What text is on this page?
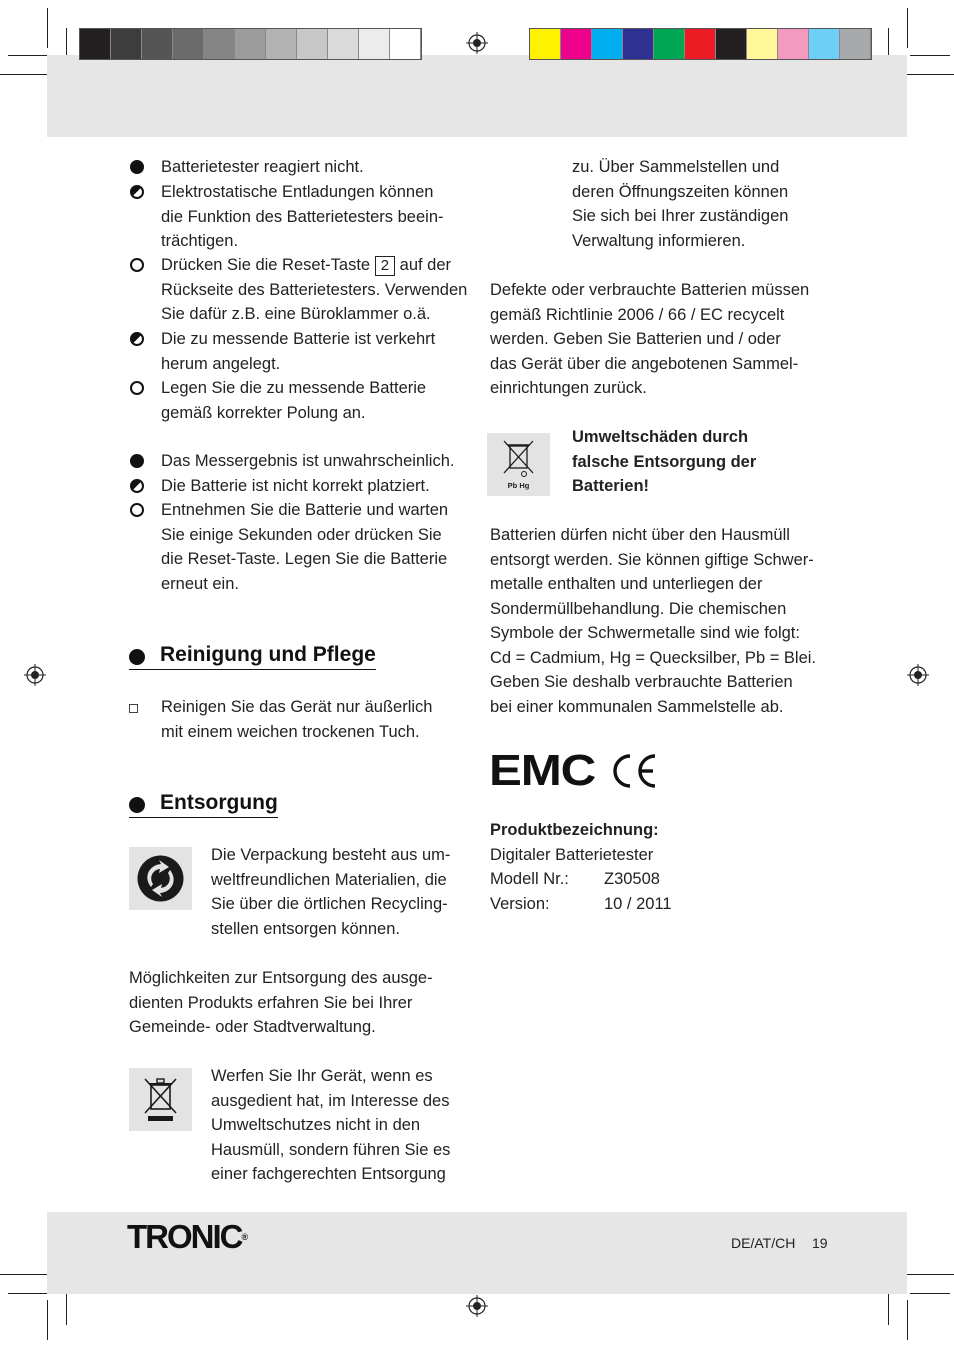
Batterietester reagiert nicht.
Elektrostatische Entladungen können
die Funktion des Batterietesters beein-
trächtigen.
Drücken Sie die Reset-Taste 2 auf der
Rückseite des Batterietesters. Verwenden
Sie dafür z.B. eine Büroklammer o.ä.
Die zu messende Batterie ist verkehrt
herum angelegt.
Legen Sie die zu messende Batterie
gemäß korrekter Polung an.
Das Messergebnis ist unwahrscheinlich.
Die Batterie ist nicht korrekt platziert.
Entnehmen Sie die Batterie und warten
Sie einige Sekunden oder drücken Sie
die Reset-Taste. Legen Sie die Batterie
erneut ein.
Reinigung und Pflege
Reinigen Sie das Gerät nur äußerlich
mit einem weichen trockenen Tuch.
Entsorgung
Die Verpackung besteht aus um-
weltfreundlichen Materialien, die
Sie über die örtlichen Recycling-
stellen entsorgen können.
Möglichkeiten zur Entsorgung des ausge-
dienten Produkts erfahren Sie bei Ihrer
Gemeinde- oder Stadtverwaltung.
Werfen Sie Ihr Gerät, wenn es
ausgedient hat, im Interesse des
Umweltschutzes nicht in den
Hausmüll, sondern führen Sie es
einer fachgerechten Entsorgung
zu. Über Sammelstellen und
deren Öffnungszeiten können
Sie sich bei Ihrer zuständigen
Verwaltung informieren.
Defekte oder verbrauchte Batterien müssen
gemäß Richtlinie 2006 / 66 / EC recycelt
werden. Geben Sie Batterien und / oder
das Gerät über die angebotenen Sammel-
einrichtungen zurück.
Pb Hg
Umweltschäden durch
falsche Entsorgung der
Batterien!
Batterien dürfen nicht über den Hausmüll
entsorgt werden. Sie können giftige Schwer-
metalle enthalten und unterliegen der
Sondermüllbehandlung. Die chemischen
Symbole der Schwermetalle sind wie folgt:
Cd = Cadmium, Hg = Quecksilber, Pb = Blei.
Geben Sie deshalb verbrauchte Batterien
bei einer kommunalen Sammelstelle ab.
EMC
Produktbezeichnung:
Digitaler Batterietester
Modell Nr.: Z30508
Version:	10 / 2011
TRONIC®	DE/AT/CH 19
